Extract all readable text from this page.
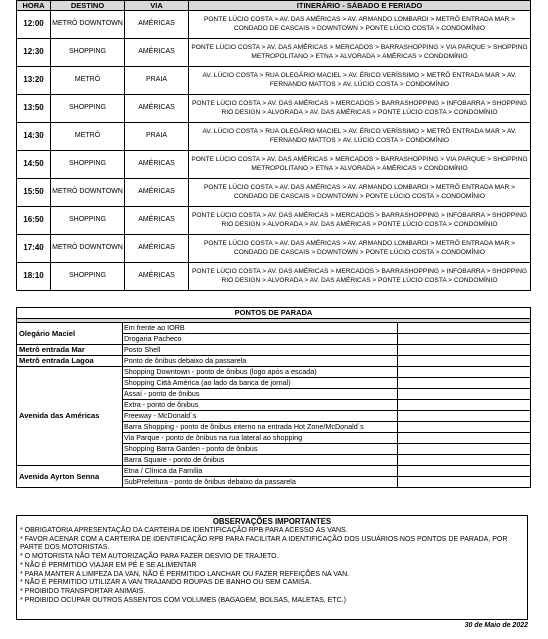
HORA	DESTINO	VIA	ITINERÁRIO - SÁBADO E FERIADO
12:00	METRÔ DOWNTOWN	AMÉRICAS	PONTE LÚCIO COSTA > AV. DAS AMÉRICAS > AV. ARMANDO LOMBARDI > METRÔ ENTRADA MAR > CONDADO DE CASCAIS > DOWNTOWN > PONTE LÚCIO COSTA > CONDOMÍNIO
12:30	SHOPPING	AMÉRICAS	PONTE LÚCIO COSTA > AV. DAS AMÉRICAS > MERCADOS > BARRASHOPPING > VIA PARQUE > SHOPPING METROPOLITANO > ETNA > ALVORADA > AMÉRICAS > CONDOMÍNIO
13:20	METRÔ	PRAIA	AV. LÚCIO COSTA > RUA OLEGÁRIO MACIEL > AV. ÉRICO VERÍSSIMO > METRÔ ENTRADA MAR > AV. FERNANDO MATTOS > AV. LÚCIO COSTA > CONDOMÍNIO
13:50	SHOPPING	AMÉRICAS	PONTE LÚCIO COSTA > AV. DAS AMÉRICAS > MERCADOS > BARRASHOPPING > INFOBARRA > SHOPPING RIO DESIGN > ALVORADA > AV. DAS AMÉRICAS > PONTE LÚCIO COSTA > CONDOMÍNIO
14:30	METRÔ	PRAIA	AV. LÚCIO COSTA > RUA OLEGÁRIO MACIEL > AV. ÉRICO VERÍSSIMO > METRÔ ENTRADA MAR > AV. FERNANDO MATTOS > AV. LÚCIO COSTA > CONDOMÍNIO
14:50	SHOPPING	AMÉRICAS	PONTE LÚCIO COSTA > AV. DAS AMÉRICAS > MERCADOS > BARRASHOPPING > VIA PARQUE > SHOPPING METROPOLITANO > ETNA > ALVORADA > AMÉRICAS > CONDOMÍNIO
15:50	METRÔ DOWNTOWN	AMÉRICAS	PONTE LÚCIO COSTA > AV. DAS AMÉRICAS > AV. ARMANDO LOMBARDI > METRÔ ENTRADA MAR > CONDADO DE CASCAIS > DOWNTOWN > PONTE LÚCIO COSTA > CONDOMÍNIO
16:50	SHOPPING	AMÉRICAS	PONTE LÚCIO COSTA > AV. DAS AMÉRICAS > MERCADOS > BARRASHOPPING > INFOBARRA > SHOPPING RIO DESIGN > ALVORADA > AV. DAS AMÉRICAS > PONTE LÚCIO COSTA > CONDOMÍNIO
17:40	METRÔ DOWNTOWN	AMÉRICAS	PONTE LÚCIO COSTA > AV. DAS AMÉRICAS > AV. ARMANDO LOMBARDI > METRÔ ENTRADA MAR > CONDADO DE CASCAIS > DOWNTOWN > PONTE LÚCIO COSTA > CONDOMÍNIO
18:10	SHOPPING	AMÉRICAS	PONTE LÚCIO COSTA > AV. DAS AMÉRICAS > MERCADOS > BARRASHOPPING > INFOBARRA > SHOPPING RIO DESIGN > ALVORADA > AV. DAS AMÉRICAS > PONTE LÚCIO COSTA > CONDOMÍNIO
PONTOS DE PARADA		

Olegário Maciel	Em frente ao IORB	
	Drogaria Pacheco	
Metrô entrada Mar	Posto Shell	
Metrô entrada Lagoa	Ponto de ônibus debaixo da passarela	
Avenida das Américas	Shopping Downtown - ponto de ônibus (logo após a escada)	
	Shopping Città América (ao lado da banca de jornal)	
	Assaí - ponto de ônibus	
	Extra - ponto de ônibus	
	Freeway - McDonald´s	
	Barra Shopping - ponto de ônibus interno na entrada Hot Zone/McDonald´s	
	Via Parque - ponto de ônibus na rua lateral ao shopping	
	Shopping Barra Garden - ponto de ônibus	
	Barra Square - ponto de ônibus	
Avenida Ayrton Senna	Etna / Clínica da Família	
	SubPrefeitura - ponto de ônibus debaixo da passarela	
OBSERVAÇÕES IMPORTANTES
* OBRIGATÓRIA APRESENTAÇÃO DA CARTEIRA DE IDENTIFICAÇÃO RPB PARA ACESSO ÀS VANS.
* FAVOR ACENAR COM A CARTEIRA DE IDENTIFICAÇÃO RPB PARA FACILITAR A IDENTIFICAÇÃO DOS USUÁRIOS NOS PONTOS DE PARADA, POR PARTE DOS MOTORISTAS.
* O MOTORISTA NÃO TEM AUTORIZAÇÃO PARA FAZER DESVIO DE TRAJETO.
* NÃO É PERMITIDO VIAJAR EM PÉ E SE ALIMENTAR
* PARA MANTER A LIMPEZA DA VAN, NÃO É PERMITIDO LANCHAR OU FAZER REFEIÇÕES NA VAN.
* NÃO É PERMITIDO UTILIZAR A VAN TRAJANDO ROUPAS DE BANHO OU SEM CAMISA.
* PROIBIDO TRANSPORTAR ANIMAIS.
* PROIBIDO OCUPAR OUTROS ASSENTOS COM VOLUMES (BAGAGEM, BOLSAS, MALETAS, ETC.)
30 de Maio de 2022
